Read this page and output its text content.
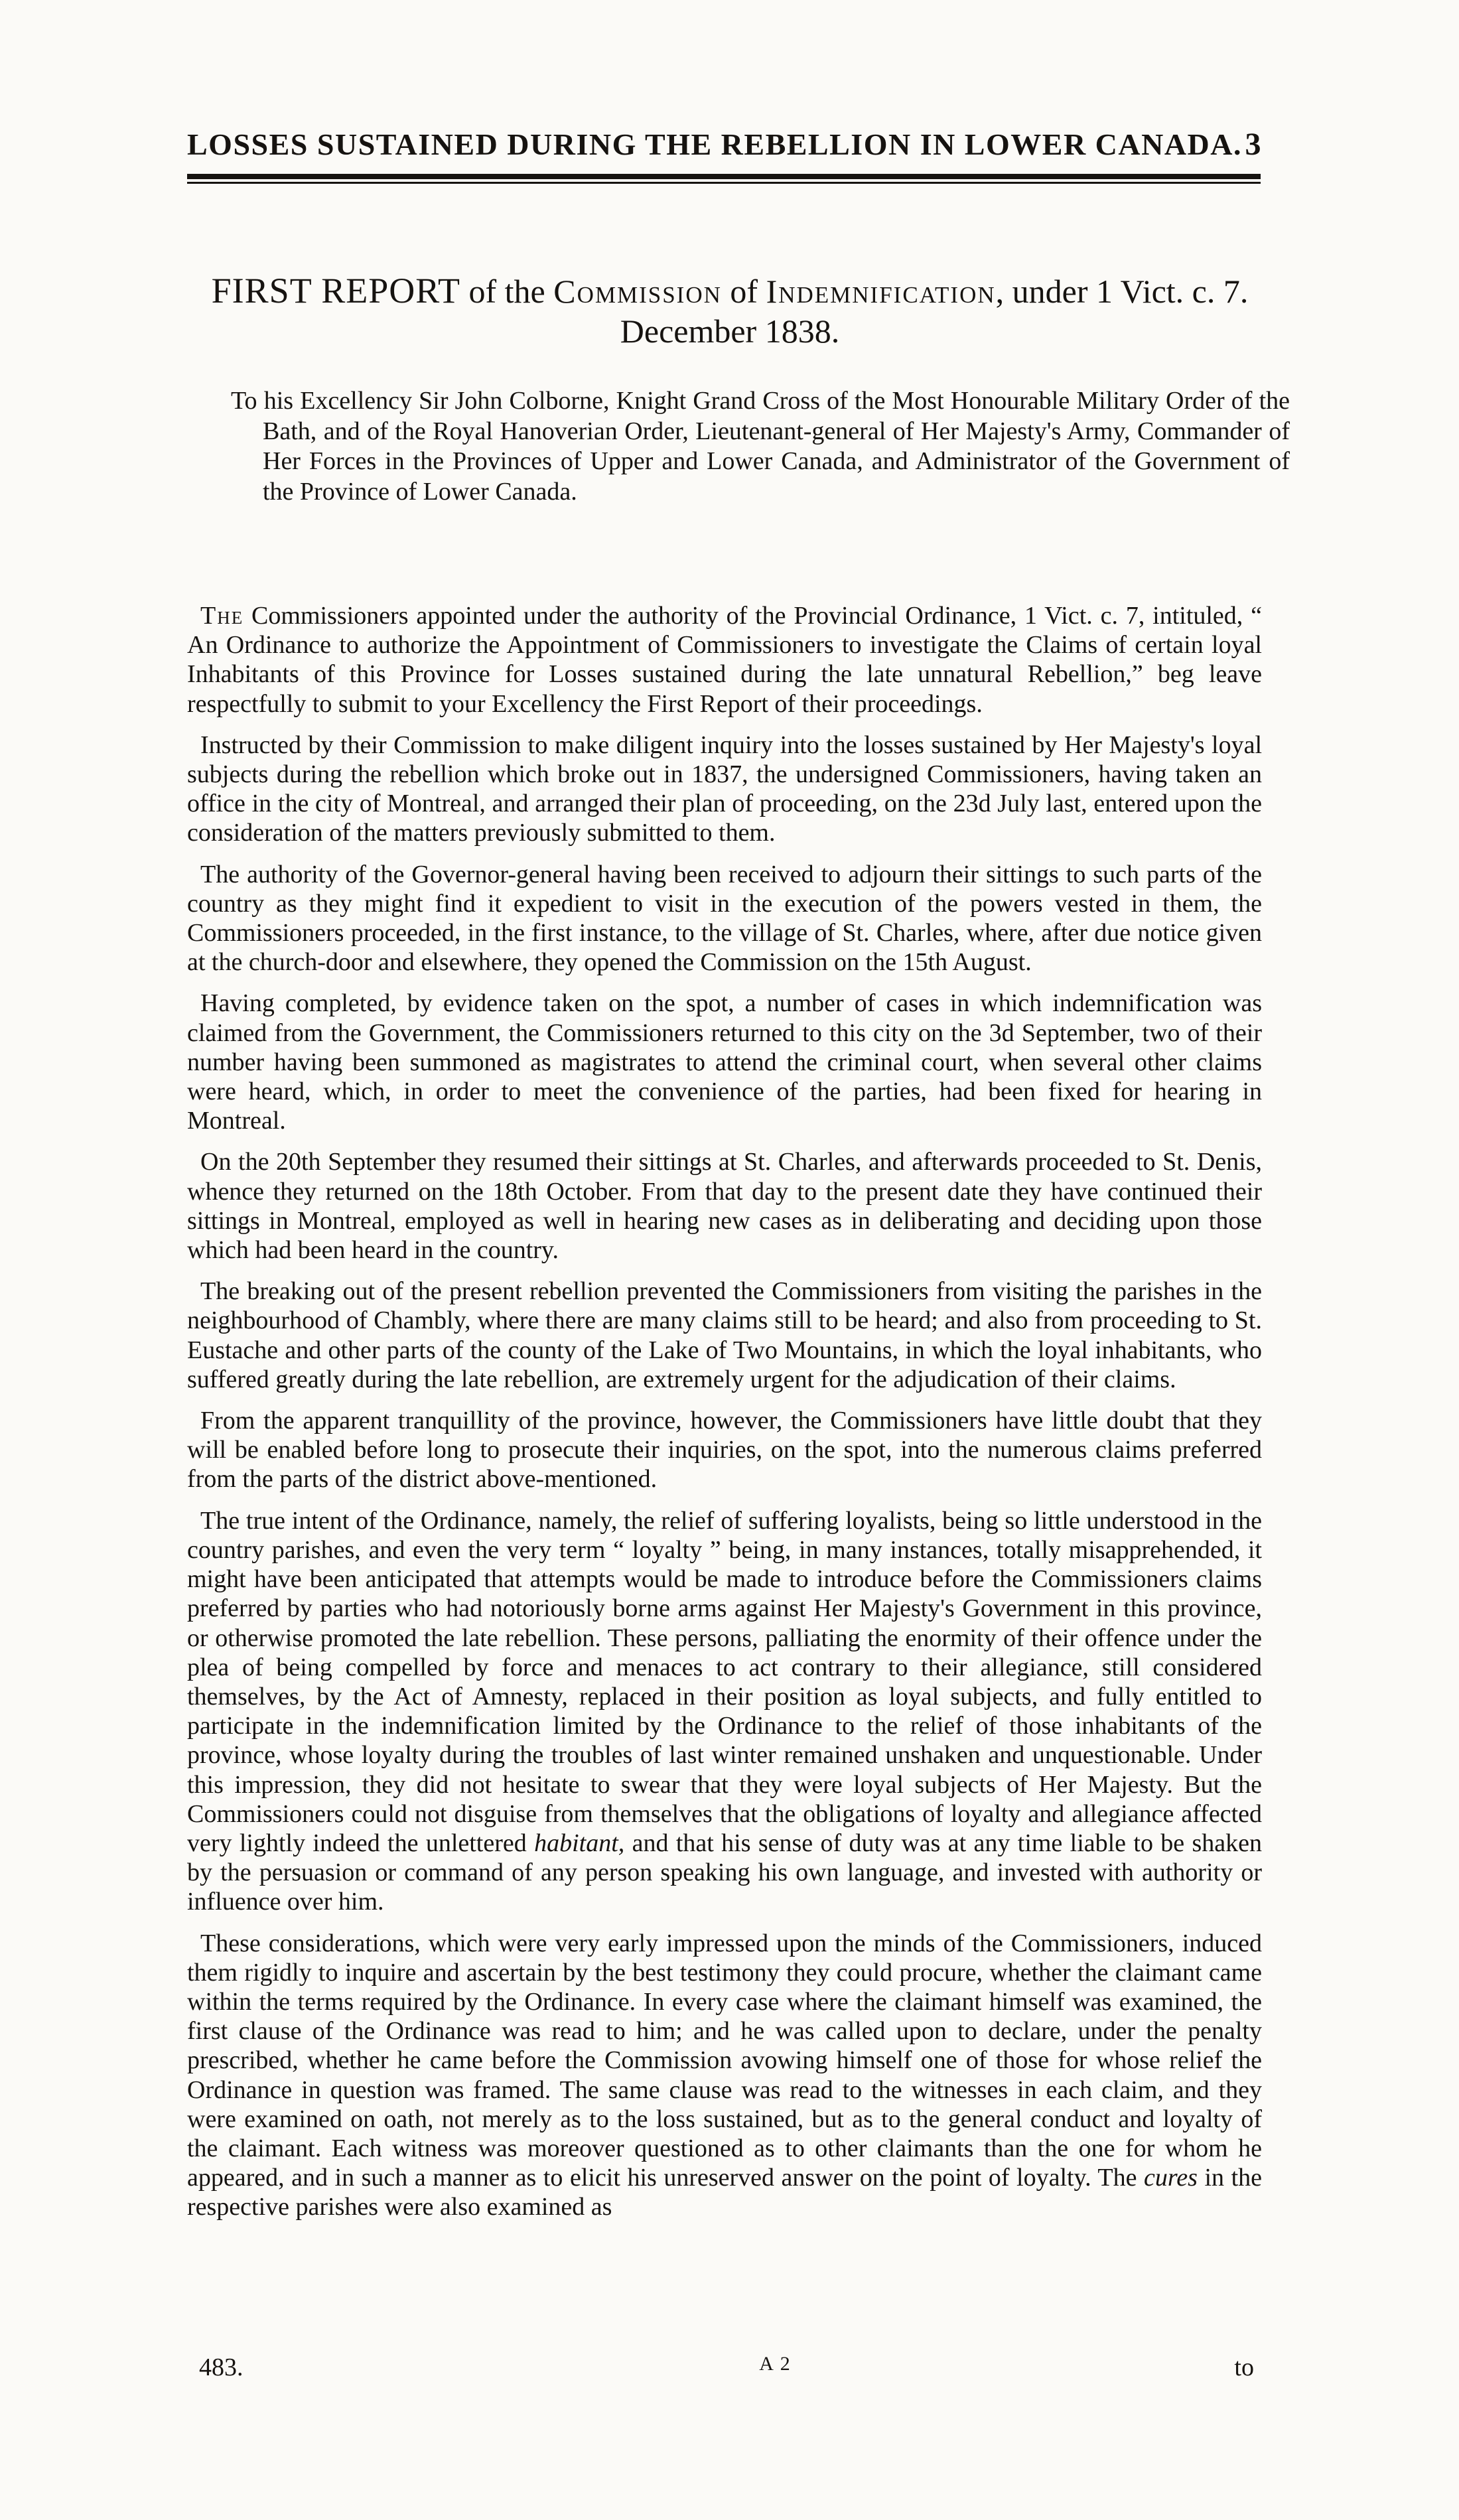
LOSSES SUSTAINED DURING THE REBELLION IN LOWER CANADA. 3
FIRST REPORT of the Commission of Indemnification, under 1 Vict. c. 7.
December 1838.
To his Excellency Sir John Colborne, Knight Grand Cross of the Most Honourable Military Order of the Bath, and of the Royal Hanoverian Order, Lieutenant-general of Her Majesty's Army, Commander of Her Forces in the Provinces of Upper and Lower Canada, and Administrator of the Government of the Province of Lower Canada.

The Commissioners appointed under the authority of the Provincial Ordinance, 1 Vict. c. 7, intituled, “ An Ordinance to authorize the Appointment of Commissioners to investigate the Claims of certain loyal Inhabitants of this Province for Losses sustained during the late unnatural Rebellion,” beg leave respectfully to submit to your Excellency the First Report of their proceedings.

Instructed by their Commission to make diligent inquiry into the losses sustained by Her Majesty's loyal subjects during the rebellion which broke out in 1837, the undersigned Commissioners, having taken an office in the city of Montreal, and arranged their plan of proceeding, on the 23d July last, entered upon the consideration of the matters previously submitted to them.

The authority of the Governor-general having been received to adjourn their sittings to such parts of the country as they might find it expedient to visit in the execution of the powers vested in them, the Commissioners proceeded, in the first instance, to the village of St. Charles, where, after due notice given at the church-door and elsewhere, they opened the Commission on the 15th August.

Having completed, by evidence taken on the spot, a number of cases in which indemnification was claimed from the Government, the Commissioners returned to this city on the 3d September, two of their number having been summoned as magistrates to attend the criminal court, when several other claims were heard, which, in order to meet the convenience of the parties, had been fixed for hearing in Montreal.

On the 20th September they resumed their sittings at St. Charles, and afterwards proceeded to St. Denis, whence they returned on the 18th October. From that day to the present date they have continued their sittings in Montreal, employed as well in hearing new cases as in deliberating and deciding upon those which had been heard in the country.

The breaking out of the present rebellion prevented the Commissioners from visiting the parishes in the neighbourhood of Chambly, where there are many claims still to be heard; and also from proceeding to St. Eustache and other parts of the county of the Lake of Two Mountains, in which the loyal inhabitants, who suffered greatly during the late rebellion, are extremely urgent for the adjudication of their claims.

From the apparent tranquillity of the province, however, the Commissioners have little doubt that they will be enabled before long to prosecute their inquiries, on the spot, into the numerous claims preferred from the parts of the district above-mentioned.

The true intent of the Ordinance, namely, the relief of suffering loyalists, being so little understood in the country parishes, and even the very term “ loyalty ” being, in many instances, totally misapprehended, it might have been anticipated that attempts would be made to introduce before the Commissioners claims preferred by parties who had notoriously borne arms against Her Majesty's Government in this province, or otherwise promoted the late rebellion. These persons, palliating the enormity of their offence under the plea of being compelled by force and menaces to act contrary to their allegiance, still considered themselves, by the Act of Amnesty, replaced in their position as loyal subjects, and fully entitled to participate in the indemnification limited by the Ordinance to the relief of those inhabitants of the province, whose loyalty during the troubles of last winter remained unshaken and unquestionable. Under this impression, they did not hesitate to swear that they were loyal subjects of Her Majesty. But the Commissioners could not disguise from themselves that the obligations of loyalty and allegiance affected very lightly indeed the unlettered habitant, and that his sense of duty was at any time liable to be shaken by the persuasion or command of any person speaking his own language, and invested with authority or influence over him.

These considerations, which were very early impressed upon the minds of the Commissioners, induced them rigidly to inquire and ascertain by the best testimony they could procure, whether the claimant came within the terms required by the Ordinance. In every case where the claimant himself was examined, the first clause of the Ordinance was read to him; and he was called upon to declare, under the penalty prescribed, whether he came before the Commission avowing himself one of those for whose relief the Ordinance in question was framed. The same clause was read to the witnesses in each claim, and they were examined on oath, not merely as to the loss sustained, but as to the general conduct and loyalty of the claimant. Each witness was moreover questioned as to other claimants than the one for whom he appeared, and in such a manner as to elicit his unreserved answer on the point of loyalty. The cures in the respective parishes were also examined as

483.	A 2	to
